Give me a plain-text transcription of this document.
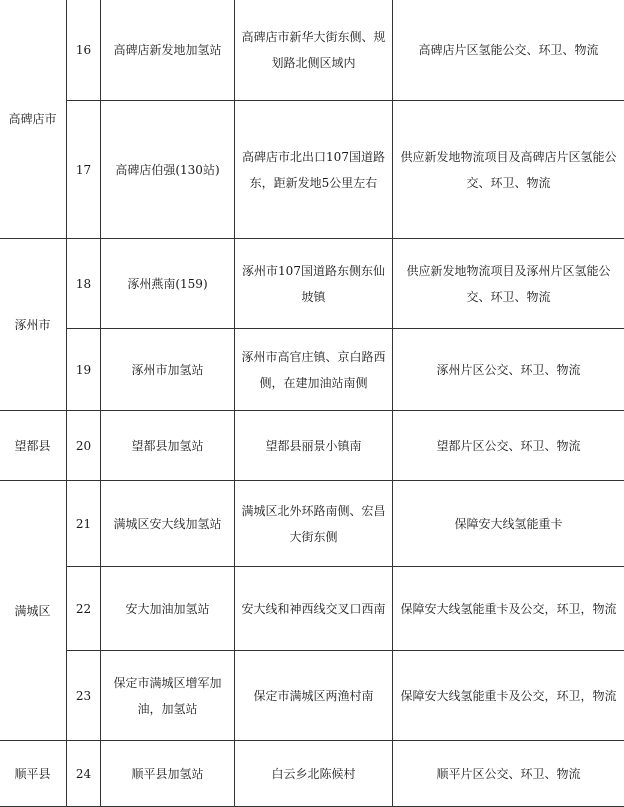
高碑店市	16	高碑店新发地加氢站	高碑店市新华大街东侧、规划路北侧区域内	高碑店片区氢能公交、环卫、物流
	17	高碑店伯强(130站)	高碑店市北出口107国道路东，距新发地5公里左右	供应新发地物流项目及高碑店片区氢能公交、环卫、物流
涿州市	18	涿州燕南(159)	涿州市107国道路东侧东仙坡镇	供应新发地物流项目及涿州片区氢能公交、环卫、物流
	19	涿州市加氢站	涿州市高官庄镇、京白路西侧，在建加油站南侧	涿州片区公交、环卫、物流
望都县	20	望都县加氢站	望都县丽景小镇南	望都片区公交、环卫、物流
满城区	21	满城区安大线加氢站	满城区北外环路南侧、宏昌大街东侧	保障安大线氢能重卡
	22	安大加油加氢站	安大线和神西线交叉口西南	保障安大线氢能重卡及公交，环卫，物流
	23	保定市满城区增军加油，加氢站	保定市满城区两渔村南	保障安大线氢能重卡及公交，环卫，物流
顺平县	24	顺平县加氢站	白云乡北陈候村	顺平片区公交、环卫、物流
